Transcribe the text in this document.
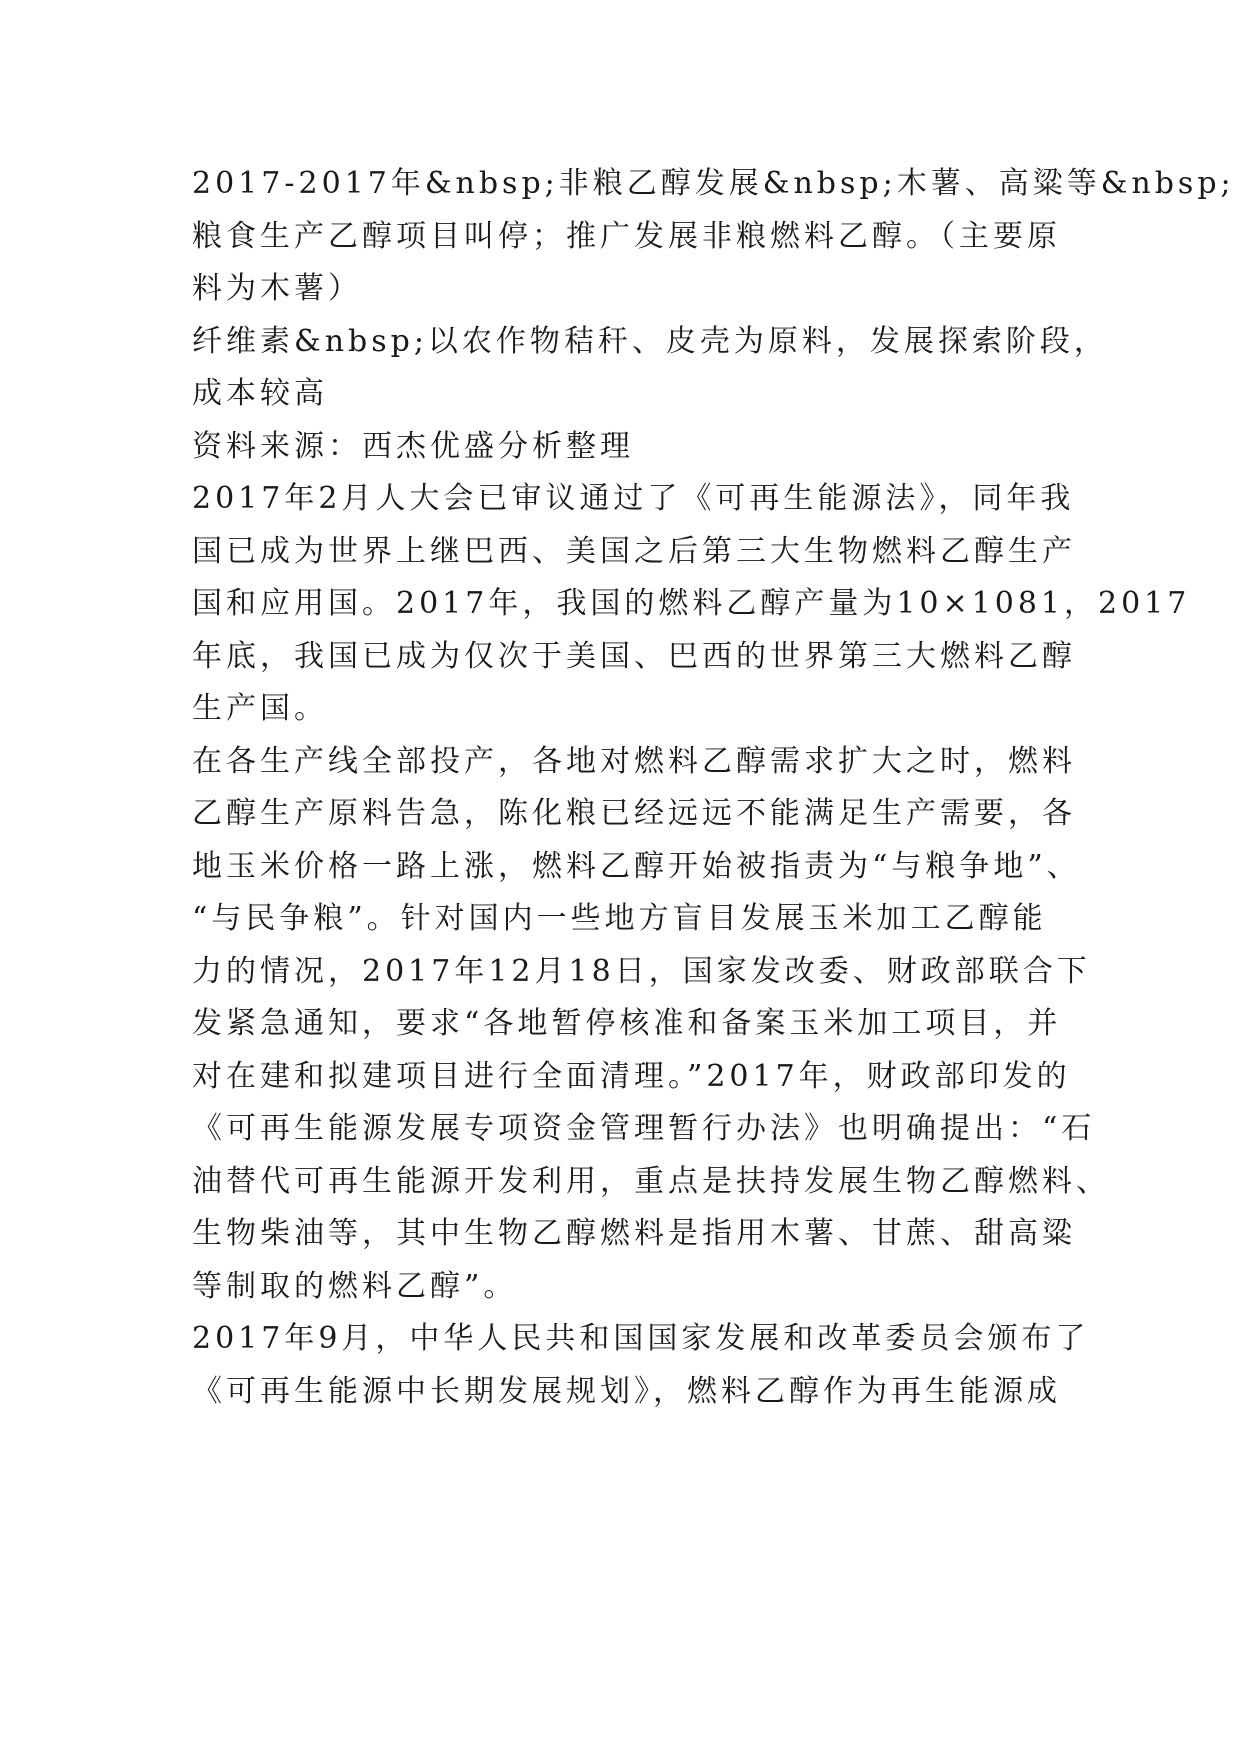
2017-2017年&nbsp;非粮乙醇发展&nbsp;木薯、高粱等&nbsp;
粮食生产乙醇项目叫停；推广发展非粮燃料乙醇。（主要原
料为木薯）
纤维素&nbsp;以农作物秸秆、皮壳为原料，发展探索阶段，
成本较高
资料来源：西杰优盛分析整理
2017年2月人大会已审议通过了《可再生能源法》，同年我
国已成为世界上继巴西、美国之后第三大生物燃料乙醇生产
国和应用国。2017年，我国的燃料乙醇产量为10×1081，2017
年底，我国已成为仅次于美国、巴西的世界第三大燃料乙醇
生产国。
在各生产线全部投产，各地对燃料乙醇需求扩大之时，燃料
乙醇生产原料告急，陈化粮已经远远不能满足生产需要，各
地玉米价格一路上涨，燃料乙醇开始被指责为“与粮争地”、
“与民争粮”。针对国内一些地方盲目发展玉米加工乙醇能
力的情况，2017年12月18日，国家发改委、财政部联合下
发紧急通知，要求“各地暂停核准和备案玉米加工项目，并
对在建和拟建项目进行全面清理。”2017年，财政部印发的
《可再生能源发展专项资金管理暂行办法》也明确提出：“石
油替代可再生能源开发利用，重点是扶持发展生物乙醇燃料、
生物柴油等，其中生物乙醇燃料是指用木薯、甘蔗、甜高粱
等制取的燃料乙醇”。
2017年9月，中华人民共和国国家发展和改革委员会颁布了
《可再生能源中长期发展规划》，燃料乙醇作为再生能源成
